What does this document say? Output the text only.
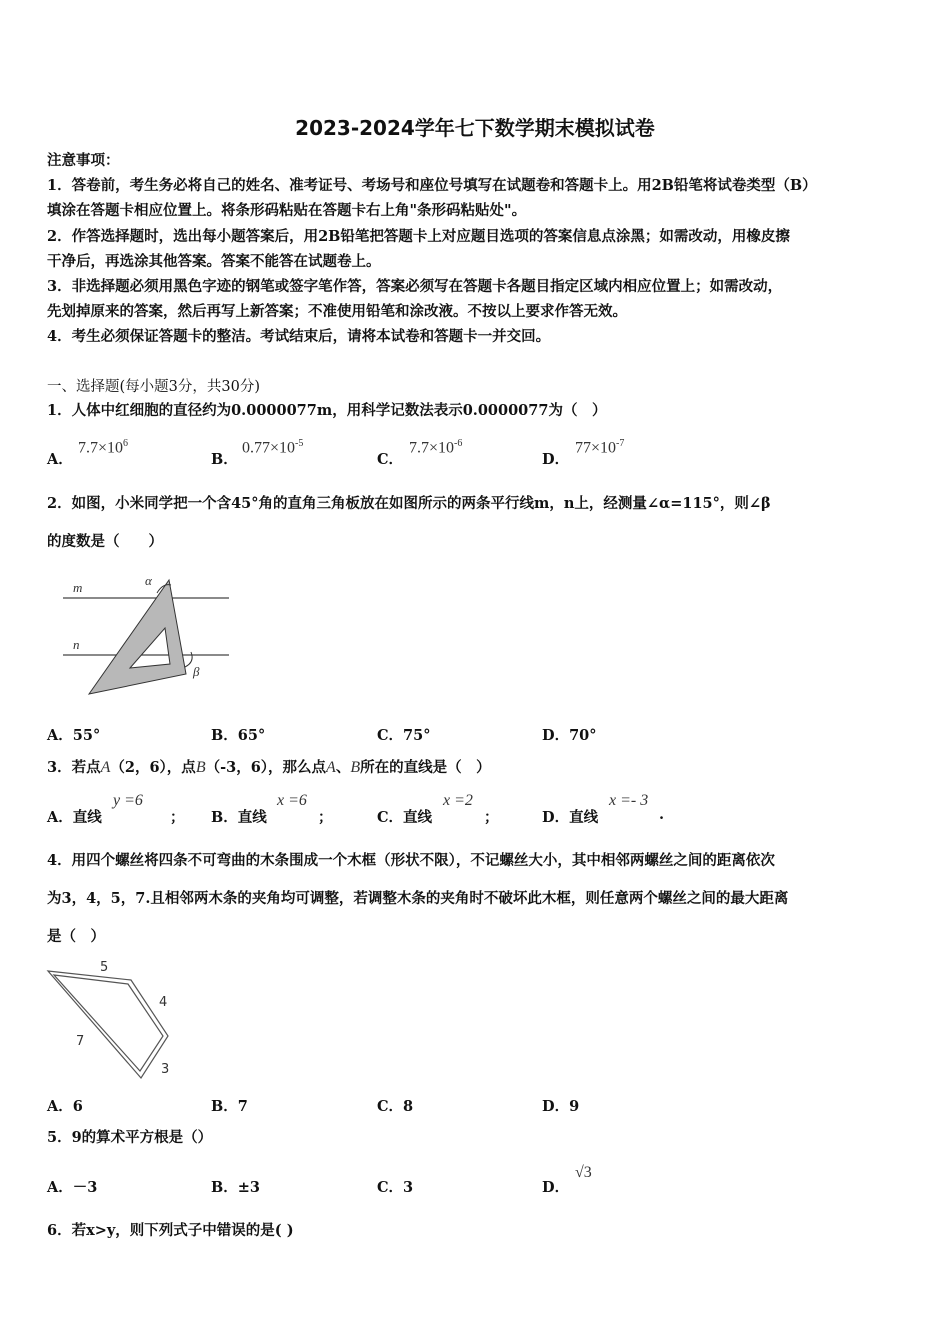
2023-2024学年七下数学期末模拟试卷
注意事项：
1．答卷前，考生务必将自己的姓名、准考证号、考场号和座位号填写在试题卷和答题卡上。用2B铅笔将试卷类型（B）
填涂在答题卡相应位置上。将条形码粘贴在答题卡右上角"条形码粘贴处"。
2．作答选择题时，选出每小题答案后，用2B铅笔把答题卡上对应题目选项的答案信息点涂黑；如需改动，用橡皮擦
干净后，再选涂其他答案。答案不能答在试题卷上。
3．非选择题必须用黑色字迹的钢笔或签字笔作答，答案必须写在答题卡各题目指定区域内相应位置上；如需改动，
先划掉原来的答案，然后再写上新答案；不准使用铅笔和涂改液。不按以上要求作答无效。
4．考生必须保证答题卡的整洁。考试结束后，请将本试卷和答题卡一并交回。
一、选择题(每小题3分，共30分)
1．人体中红细胞的直径约为0.0000077m，用科学记数法表示0.0000077为（　）
A．
$7.7\times 10^6$
B．
$0.77\times 10^{-5}$
C．
$7.7\times 10^{-6}$
D．
$77\times 10^{-7}$
2．如图，小米同学把一个含45°角的直角三角板放在如图所示的两条平行线m，n上，经测量∠α=115°，则∠β
的度数是（　　）
m
n
α
β
A．55°	B．65°	C．75°	D．70°
3．若点A（2，6），点B（-3，6），那么点A、B所在的直线是（　）
A．直线
y =6
； B．直线
x =6
；	C．直线
x =2
；	D．直线
x =- 3
.
4．用四个螺丝将四条不可弯曲的木条围成一个木框（形状不限），不记螺丝大小，其中相邻两螺丝之间的距离依次
为3，4，5，7.且相邻两木条的夹角均可调整，若调整木条的夹角时不破坏此木框，则任意两个螺丝之间的最大距离
是（　）
5
4
3
7
A．6	B．7	C．8	D．9
5．9的算术平方根是（）
A．－3	B．±3	C．3	D．
√3
6．若x>y，则下列式子中错误的是( )
